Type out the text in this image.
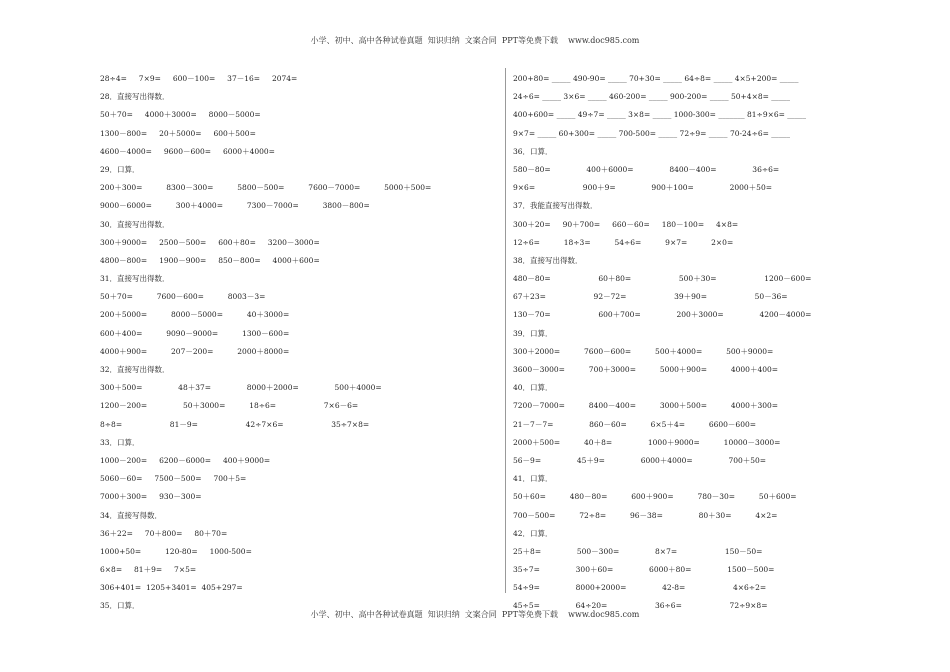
小学、初中、高中各种试卷真题  知识归纳  文案合同  PPT等免费下载    www.doc985.com
28÷4=     7×9=     600－100=     37－16=     2074=
28．直接写出得数．
50＋70=     4000＋3000=     8000－5000=
1300－800=     20＋5000=     600＋500=
4600－4000=     9600－600=     6000＋4000=
29．口算．
200＋300=          8300－300=          5800－500=          7600－7000=          5000＋500=
9000－6000=          300＋4000=          7300－7000=          3800－800=
30．直接写出得数．
300＋9000=     2500－500=     600＋80=     3200－3000=
4800－800=     1900－900=     850－800=     4000＋600=
31．直接写出得数．
50＋70=          7600－600=          8003－3=
200＋5000=          8000－5000=          40＋3000=
600＋400=          9090－9000=          1300－600=
4000＋900=          207－200=          2000＋8000=
32．直接写出得数．
300＋500=               48＋37=               8000＋2000=               500＋4000=
1200－200=               50＋3000=          18÷6=                    7×6－6=
8÷8=                    81－9=                    42÷7×6=                    35÷7×8=
33．口算．
1000－200=     6200－6000=     400＋9000=
5060－60=     7500－500=     700＋5=
7000＋300=     930－300=
34．直接写得数．
36＋22=     70＋800=     80＋70=
1000+50=          120-80=     1000-500=
6×8=     81＋9=     7×5=
306+401=  1205+3401=  405+297=
35．口算．
200+80= _____ 490-90= _____ 70+30= _____ 64÷8= _____ 4×5+200= _____
24÷6= _____ 3×6= _____ 460-200= _____ 900-200= _____ 50+4×8= _____
400+600= _____ 49÷7= _____ 3×8= _____ 1000-300= _______ 81÷9×6= _____
9×7= _____ 60+300= _____ 700-500= _____ 72÷9= _____ 70-24÷6= _____
36．口算．
580－80=               400＋6000=               8400－400=               36÷6=
9×6=                    900＋9=               900＋100=               2000＋50=
37．我能直接写出得数．
300＋20=     90＋700=     660－60=     180－100=     4×8=
12÷6=          18÷3=          54÷6=          9×7=          2×0=
38．直接写出得数．
480－80=                    60＋80=                    500＋30=                    1200－600=
67＋23=                    92－72=                    39＋90=                    50－36=
130－70=                    600＋700=               200＋3000=               4200－4000=
39．口算．
300＋2000=          7600－600=          500＋4000=          500＋9000=
3600－3000=          700＋3000=          5000＋900=          4000＋400=
40．口算．
7200－7000=          8400－400=          3000＋500=          4000＋300=
21－7－7=               860－60=          6×5＋4=          6600－600=
2000＋500=          40＋8=               1000＋9000=          10000－3000=
56－9=               45＋9=               6000＋4000=               700＋50=
41．口算．
50＋60=          480－80=          600＋900=          780－30=          50＋600=
700－500=          72÷8=          96－38=               80＋30=          4×2=
42．口算．
25＋8=               500－300=               8×7=                    150－50=
35÷7=               300＋60=               6000＋80=               1500－500=
54÷9=               8000+2000=               42-8=                    4×6÷2=
45÷5=               64÷20=                    36÷6=                    72÷9×8=
小学、初中、高中各种试卷真题  知识归纳  文案合同  PPT等免费下载    www.doc985.com
